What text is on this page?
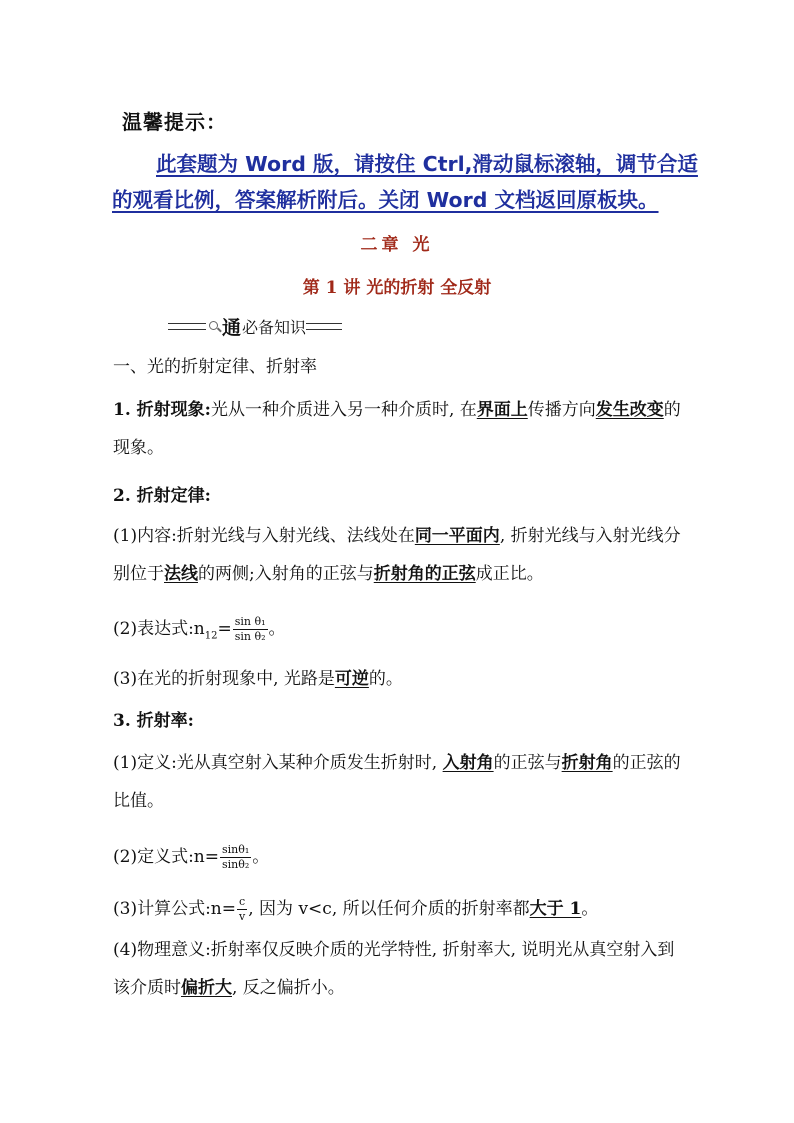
温馨提示：
此套题为 Word 版，请按住 Ctrl,滑动鼠标滚轴，调节合适的观看比例，答案解析附后。关闭 Word 文档返回原板块。
二章 光
第 1 讲 光的折射 全反射
通 必备知识
一、光的折射定律、折射率
1. 折射现象:光从一种介质进入另一种介质时, 在界面上传播方向发生改变的现象。
2. 折射定律:
(1)内容:折射光线与入射光线、法线处在同一平面内, 折射光线与入射光线分别位于法线的两侧;入射角的正弦与折射角的正弦成正比。
(2)表达式$:n_{12}= \frac{\text{sin θ₁}}{\text{sin θ₂}}$ 。
(3)在光的折射现象中, 光路是可逆的。
3. 折射率:
(1)定义:光从真空射入某种介质发生折射时, 入射角的正弦与折射角的正弦的比值。
(2)定义式:n= $\frac{\text{sinθ₁}}{\text{sinθ₂}}$ 。
(3)计算公式:n= $\frac{c}{v}$ , 因为 v<c, 所以任何介质的折射率都大于 1。
(4)物理意义:折射率仅反映介质的光学特性, 折射率大, 说明光从真空射入到该介质时偏折大, 反之偏折小。
